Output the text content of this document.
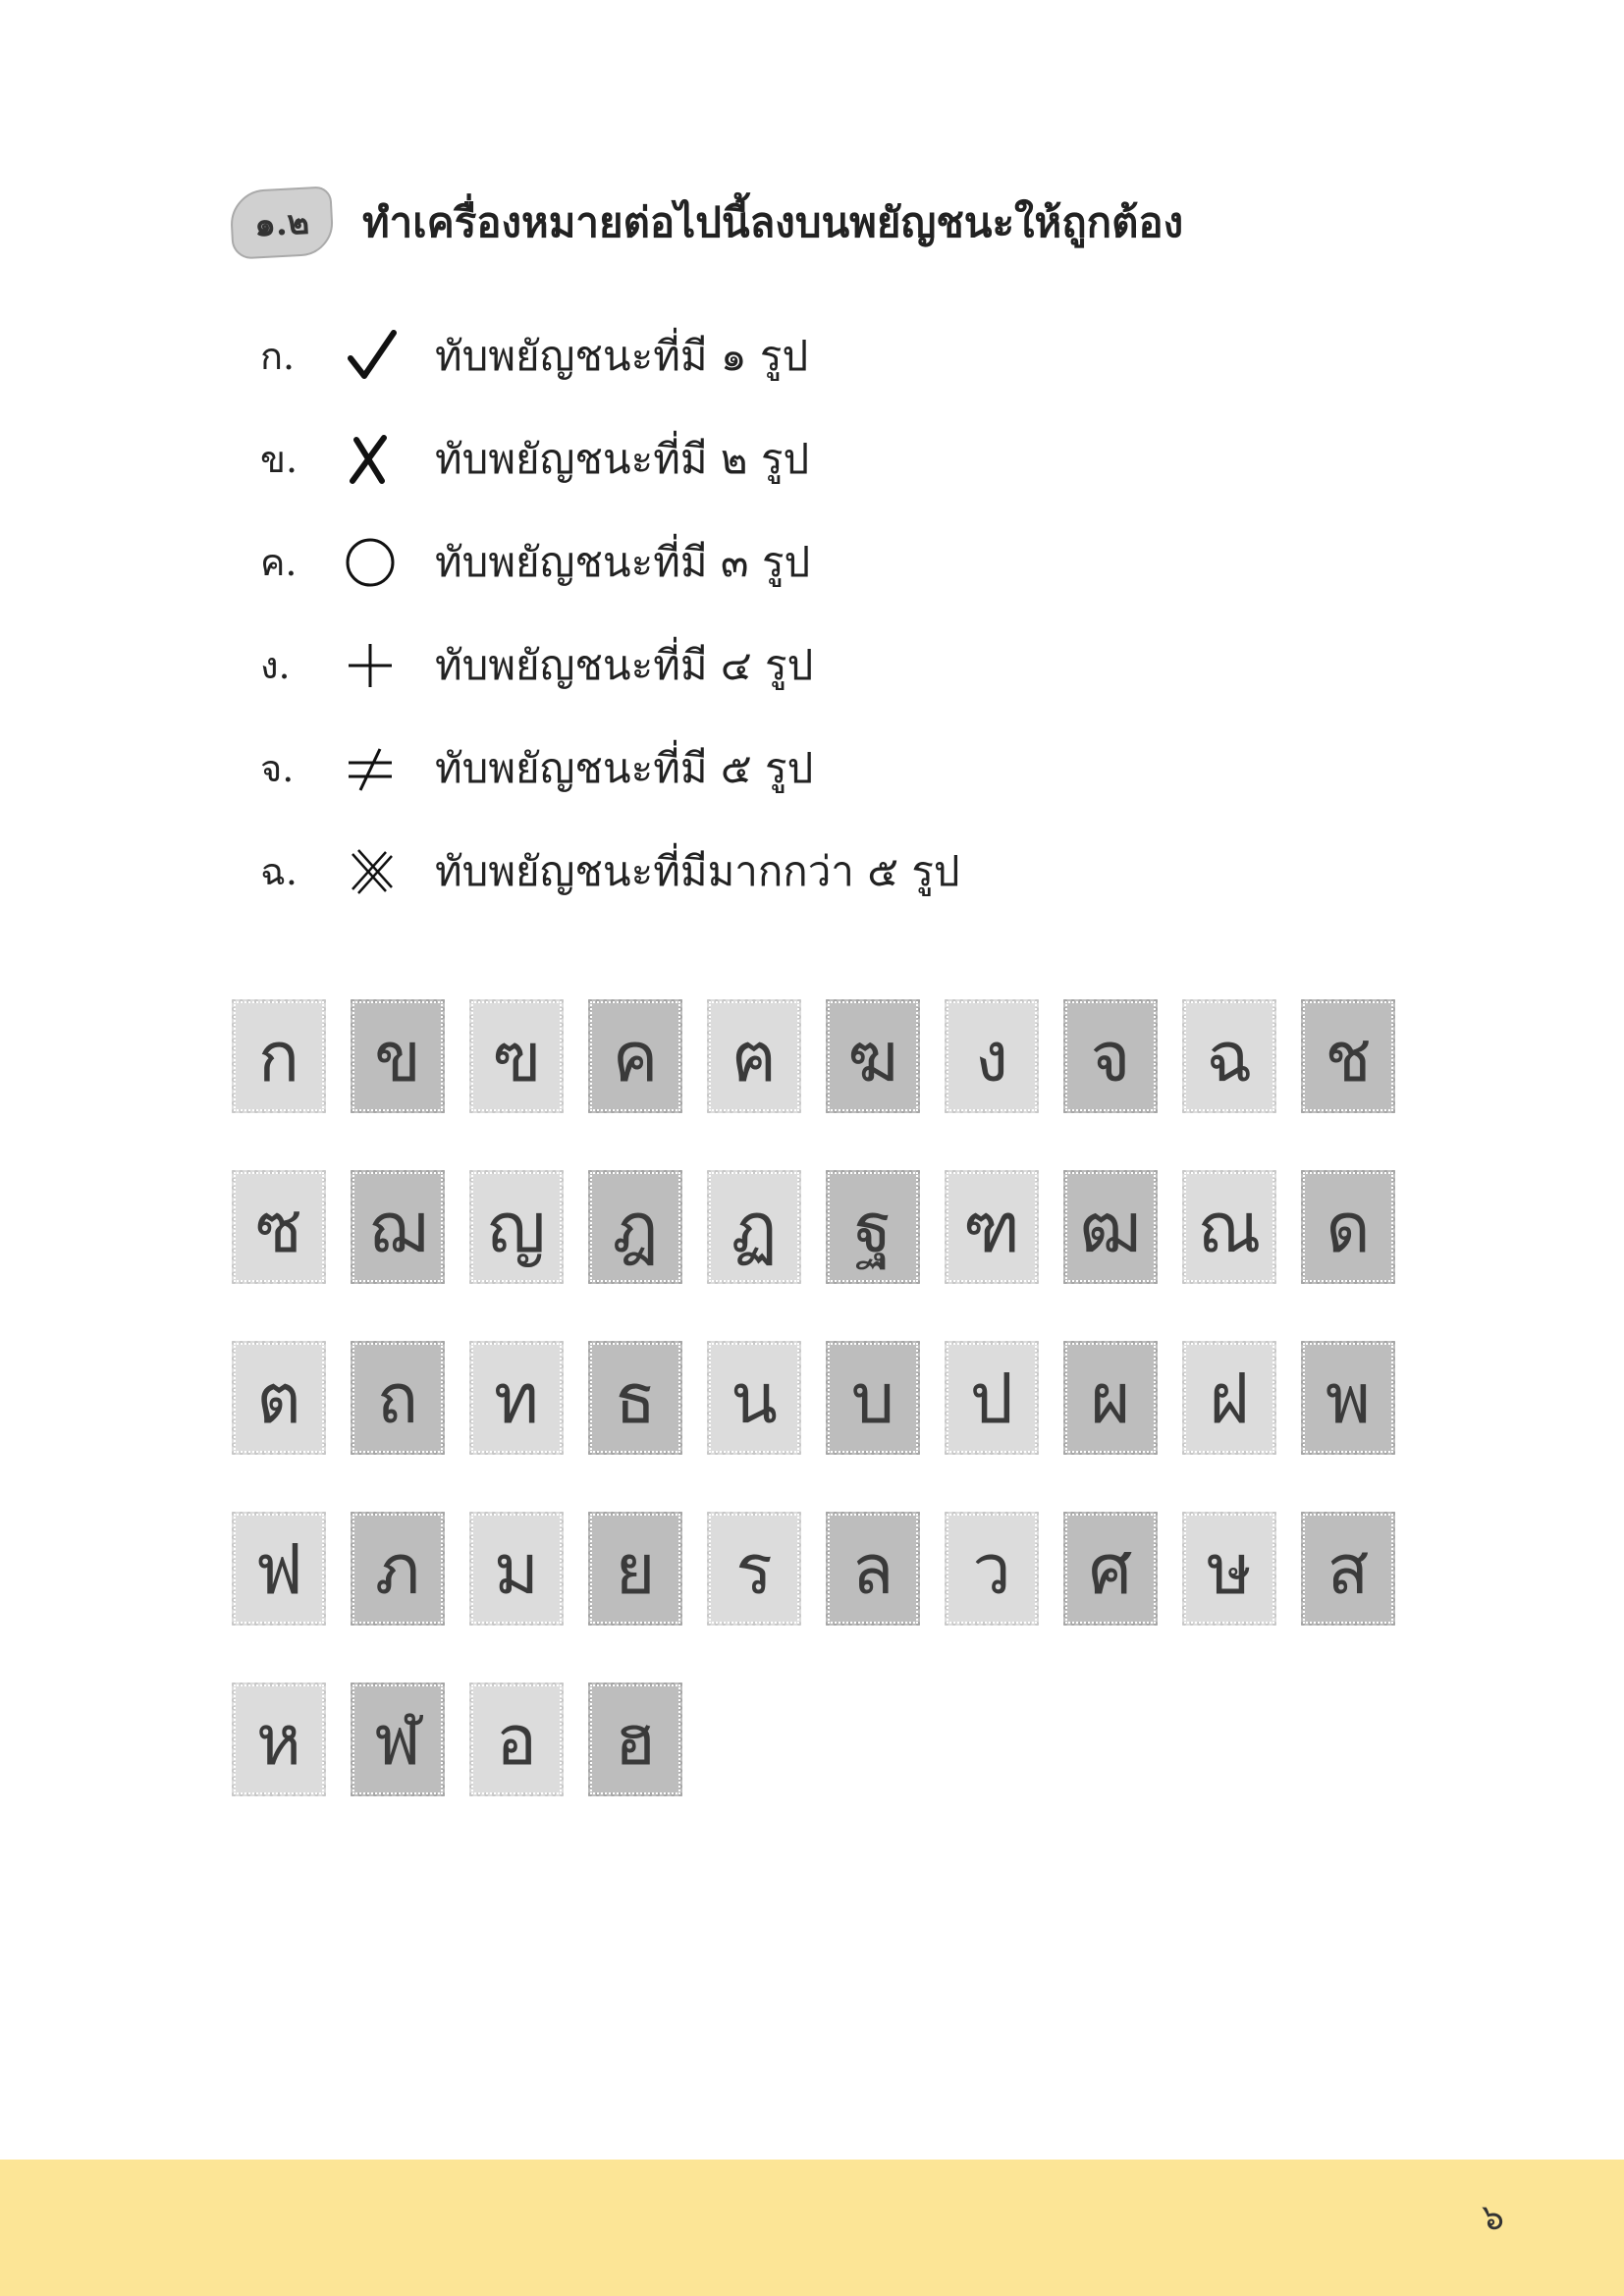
๑.๒	ทำเครื่องหมายต่อไปนี้ลงบนพยัญชนะให้ถูกต้อง
ก.	ทับพยัญชนะที่มี ๑ รูป
ข.	ทับพยัญชนะที่มี ๒ รูป
ค.	ทับพยัญชนะที่มี ๓ รูป
ง.	ทับพยัญชนะที่มี ๔ รูป
จ.	ทับพยัญชนะที่มี ๕ รูป
ฉ.	ทับพยัญชนะที่มีมากกว่า ๕ รูป
ก ข ฃ ค ฅ ฆ ง จ ฉ ช
ซ ฌ ญ ฎ ฏ ฐ ฑ ฒ ณ ด
ต ถ ท ธ น บ ป ผ ฝ พ
ฟ ภ ม ย ร ล ว ศ ษ ส
ห ฬ อ ฮ
๖
